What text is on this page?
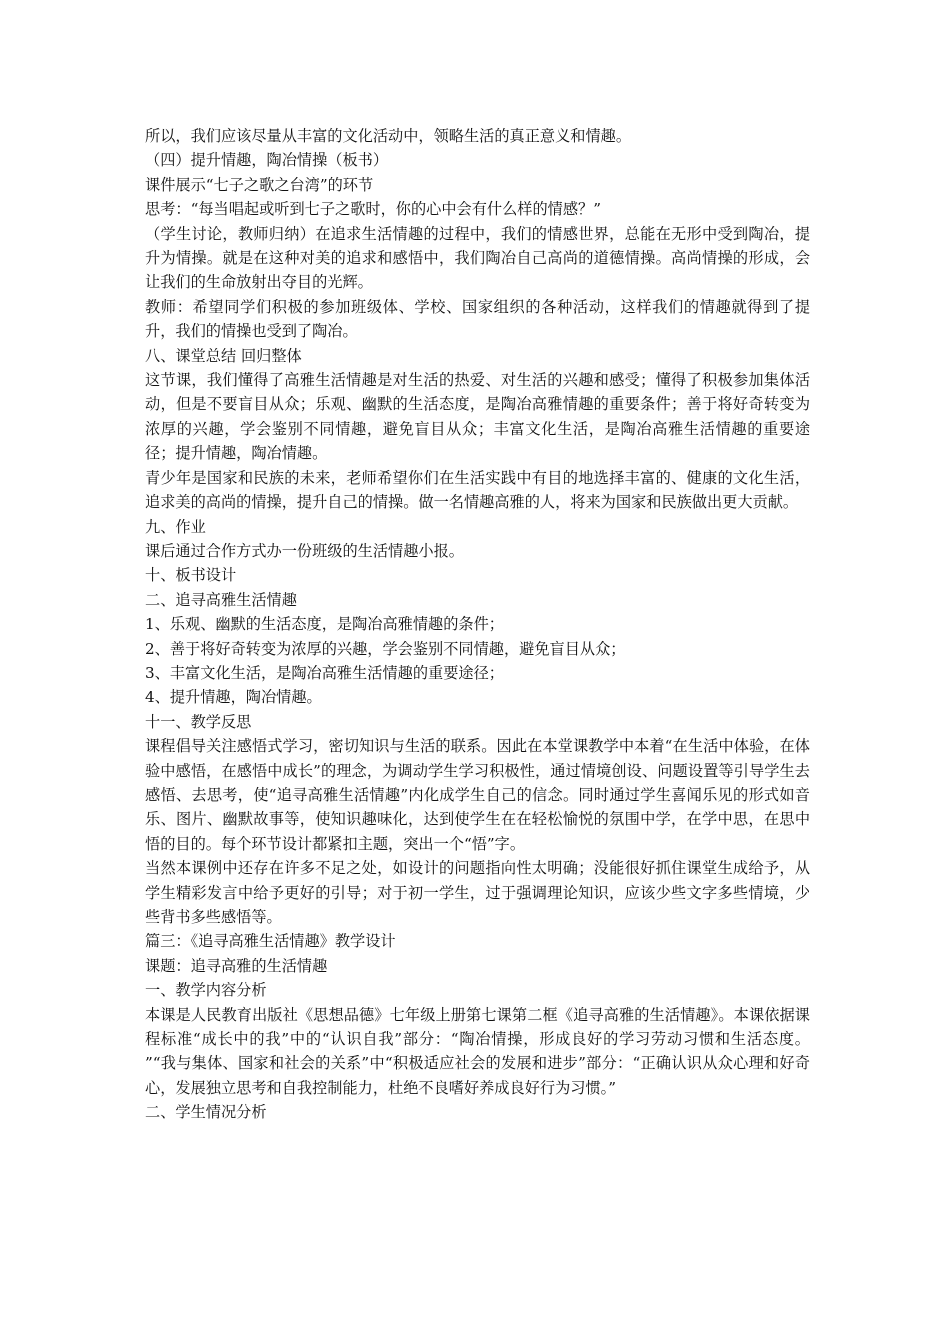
所以，我们应该尽量从丰富的文化活动中，领略生活的真正意义和情趣。

（四）提升情趣，陶冶情操（板书）

课件展示“七子之歌之台湾”的环节

思考：“每当唱起或听到七子之歌时，你的心中会有什么样的情感？”

（学生讨论，教师归纳）在追求生活情趣的过程中，我们的情感世界，总能在无形中受到陶冶，提升为情操。就是在这种对美的追求和感悟中，我们陶冶自己高尚的道德情操。高尚情操的形成，会让我们的生命放射出夺目的光辉。

教师：希望同学们积极的参加班级体、学校、国家组织的各种活动，这样我们的情趣就得到了提升，我们的情操也受到了陶冶。

八、课堂总结 回归整体

这节课，我们懂得了高雅生活情趣是对生活的热爱、对生活的兴趣和感受；懂得了积极参加集体活动，但是不要盲目从众；乐观、幽默的生活态度，是陶冶高雅情趣的重要条件；善于将好奇转变为浓厚的兴趣，学会鉴别不同情趣，避免盲目从众；丰富文化生活，是陶冶高雅生活情趣的重要途径；提升情趣，陶冶情趣。

青少年是国家和民族的未来，老师希望你们在生活实践中有目的地选择丰富的、健康的文化生活，追求美的高尚的情操，提升自己的情操。做一名情趣高雅的人，将来为国家和民族做出更大贡献。

九、作业

课后通过合作方式办一份班级的生活情趣小报。

十、板书设计

二、追寻高雅生活情趣

1、乐观、幽默的生活态度，是陶冶高雅情趣的条件；

2、善于将好奇转变为浓厚的兴趣，学会鉴别不同情趣，避免盲目从众；

3、丰富文化生活，是陶冶高雅生活情趣的重要途径；

4、提升情趣，陶冶情趣。

十一、教学反思

课程倡导关注感悟式学习，密切知识与生活的联系。因此在本堂课教学中本着“在生活中体验，在体验中感悟，在感悟中成长”的理念，为调动学生学习积极性，通过情境创设、问题设置等引导学生去感悟、去思考，使“追寻高雅生活情趣”内化成学生自己的信念。同时通过学生喜闻乐见的形式如音乐、图片、幽默故事等，使知识趣味化，达到使学生在在轻松愉悦的氛围中学，在学中思，在思中悟的目的。每个环节设计都紧扣主题，突出一个“悟”字。

当然本课例中还存在许多不足之处，如设计的问题指向性太明确；没能很好抓住课堂生成给予，从学生精彩发言中给予更好的引导；对于初一学生，过于强调理论知识，应该少些文字多些情境，少些背书多些感悟等。

篇三：《追寻高雅生活情趣》教学设计

课题：追寻高雅的生活情趣

一、教学内容分析

本课是人民教育出版社《思想品德》七年级上册第七课第二框《追寻高雅的生活情趣》。本课依据课程标准“成长中的我”中的“认识自我”部分：“陶冶情操，形成良好的学习劳动习惯和生活态度。 ”“我与集体、国家和社会的关系”中“积极适应社会的发展和进步”部分：“正确认识从众心理和好奇心，发展独立思考和自我控制能力，杜绝不良嗜好养成良好行为习惯。”

二、学生情况分析
